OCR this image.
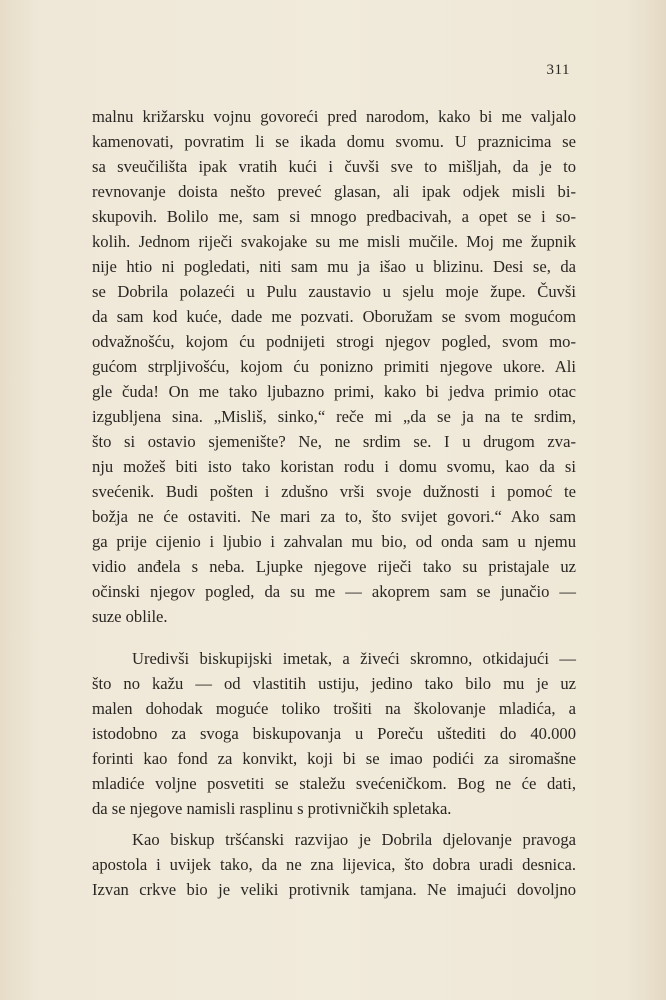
311
malnu križarsku vojnu govoreći pred narodom, kako bi me valjalo
kamenovati, povratim li se ikada domu svomu. U praznicima se
sa sveučilišta ipak vratih kući i čuvši sve to mišljah, da je to
revnovanje doista nešto preveć glasan, ali ipak odjek misli bi-
skupovih. Bolilo me, sam si mnogo predbacivah, a opet se i so-
kolih. Jednom riječi svakojake su me misli mučile. Moj me župnik
nije htio ni pogledati, niti sam mu ja išao u blizinu. Desi se, da
se Dobrila polazeći u Pulu zaustavio u sjelu moje župe. Čuvši
da sam kod kuće, dade me pozvati. Oboružam se svom mogućom
odvažnošću, kojom ću podnijeti strogi njegov pogled, svom mo-
gućom strpljivošću, kojom ću ponizno primiti njegove ukore. Ali
gle čuda! On me tako ljubazno primi, kako bi jedva primio otac
izgubljena sina. „Misliš, sinko,“ reče mi „da se ja na te srdim,
što si ostavio sjemenište? Ne, ne srdim se. I u drugom zva-
nju možeš biti isto tako koristan rodu i domu svomu, kao da si
svećenik. Budi pošten i zdušno vrši svoje dužnosti i pomoć te
božja ne će ostaviti. Ne mari za to, što svijet govori.“ Ako sam
ga prije cijenio i ljubio i zahvalan mu bio, od onda sam u njemu
vidio anđela s neba. Ljupke njegove riječi tako su pristajale uz
očinski njegov pogled, da su me — akoprem sam se junačio —
suze oblile.
Uredivši biskupijski imetak, a živeći skromno, otkidajući —
što no kažu — od vlastitih ustiju, jedino tako bilo mu je uz
malen dohodak moguće toliko trošiti na školovanje mladića, a
istodobno za svoga biskupovanja u Poreču uštediti do 40.000
forinti kao fond za konvikt, koji bi se imao podići za siromašne
mladiće voljne posvetiti se staležu svećeničkom. Bog ne će dati,
da se njegove namisli rasplinu s protivničkih spletaka.
Kao biskup tršćanski razvijao je Dobrila djelovanje pravoga
apostola i uvijek tako, da ne zna lijevica, što dobra uradi desnica.
Izvan crkve bio je veliki protivnik tamjana. Ne imajući dovoljno
